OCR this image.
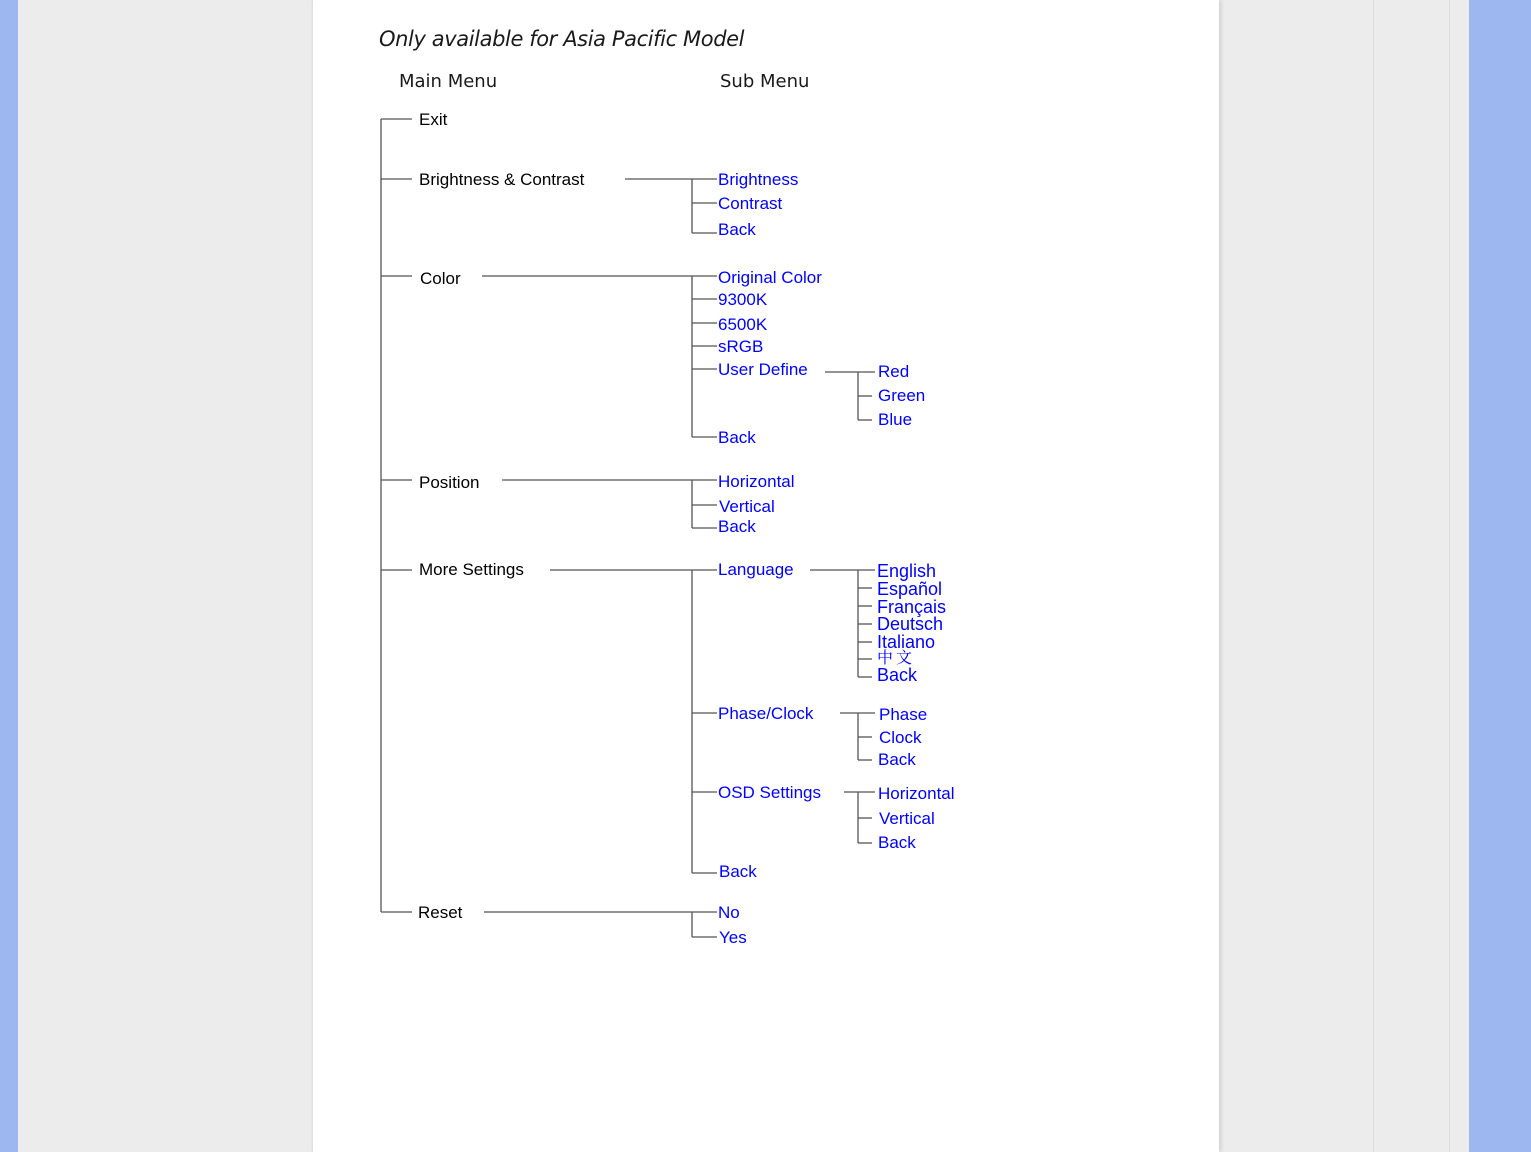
Only available for Asia Pacific Model
Main Menu	Sub Menu
Exit
Brightness & Contrast
Color
Position
More Settings
Reset
Brightness
Contrast
Back
Original Color
9300K
6500K
sRGB
User Define
Back
Red
Green
Blue
Horizontal
Vertical
Back
Language
Phase/Clock
OSD Settings
Back
English
Español
Français
Deutsch
Italiano
中文
Back
Phase
Clock
Back
Horizontal
Vertical
Back
No
Yes
